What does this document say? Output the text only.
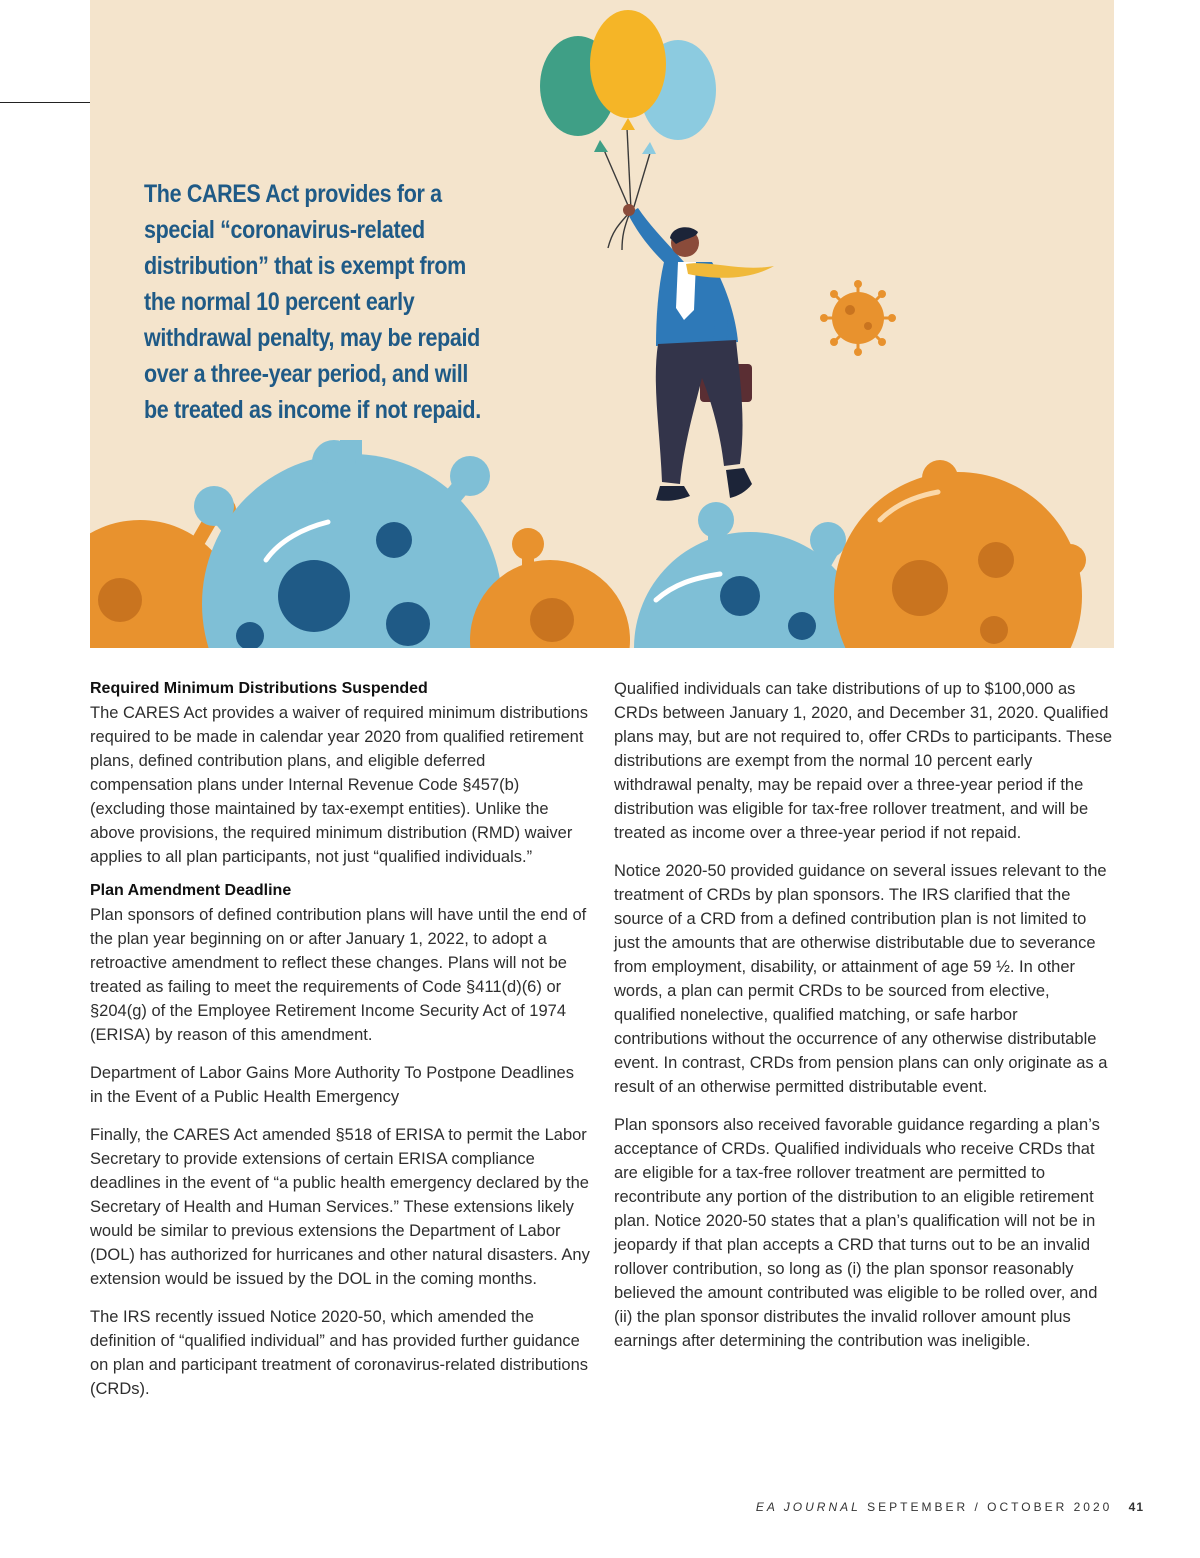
The CARES Act provides for a special “coronavirus-related distribution” that is exempt from the normal 10 percent early withdrawal penalty, may be repaid over a three-year period, and will be treated as income if not repaid.

Required Minimum Distributions Suspended

The CARES Act provides a waiver of required minimum distributions required to be made in calendar year 2020 from qualified retirement plans, defined contribution plans, and eligible deferred compensation plans under Internal Revenue Code §457(b) (excluding those maintained by tax-exempt entities). Unlike the above provisions, the required minimum distribution (RMD) waiver applies to all plan participants, not just “qualified individuals.”

Plan Amendment Deadline

Plan sponsors of defined contribution plans will have until the end of the plan year beginning on or after January 1, 2022, to adopt a retroactive amendment to reflect these changes. Plans will not be treated as failing to meet the requirements of Code §411(d)(6) or §204(g) of the Employee Retirement Income Security Act of 1974 (ERISA) by reason of this amendment.

Department of Labor Gains More Authority To Postpone Deadlines in the Event of a Public Health Emergency

Finally, the CARES Act amended §518 of ERISA to permit the Labor Secretary to provide extensions of certain ERISA compliance deadlines in the event of “a public health emergency declared by the Secretary of Health and Human Services.” These extensions likely would be similar to previous extensions the Department of Labor (DOL) has authorized for hurricanes and other natural disasters. Any extension would be issued by the DOL in the coming months.

The IRS recently issued Notice 2020-50, which amended the definition of “qualified individual” and has provided further guidance on plan and participant treatment of coronavirus-related distributions (CRDs).

Qualified individuals can take distributions of up to $100,000 as CRDs between January 1, 2020, and December 31, 2020. Qualified plans may, but are not required to, offer CRDs to participants. These distributions are exempt from the normal 10 percent early withdrawal penalty, may be repaid over a three-year period if the distribution was eligible for tax-free rollover treatment, and will be treated as income over a three-year period if not repaid.

Notice 2020-50 provided guidance on several issues relevant to the treatment of CRDs by plan sponsors. The IRS clarified that the source of a CRD from a defined contribution plan is not limited to just the amounts that are otherwise distributable due to severance from employment, disability, or attainment of age 59 ½. In other words, a plan can permit CRDs to be sourced from elective, qualified nonelective, qualified matching, or safe harbor contributions without the occurrence of any otherwise distributable event. In contrast, CRDs from pension plans can only originate as a result of an otherwise permitted distributable event.

Plan sponsors also received favorable guidance regarding a plan’s acceptance of CRDs. Qualified individuals who receive CRDs that are eligible for a tax-free rollover treatment are permitted to recontribute any portion of the distribution to an eligible retirement plan. Notice 2020-50 states that a plan’s qualification will not be in jeopardy if that plan accepts a CRD that turns out to be an invalid rollover contribution, so long as (i) the plan sponsor reasonably believed the amount contributed was eligible to be rolled over, and (ii) the plan sponsor distributes the invalid rollover amount plus earnings after determining the contribution was ineligible.

EA JOURNAL SEPTEMBER / OCTOBER 2020 41
